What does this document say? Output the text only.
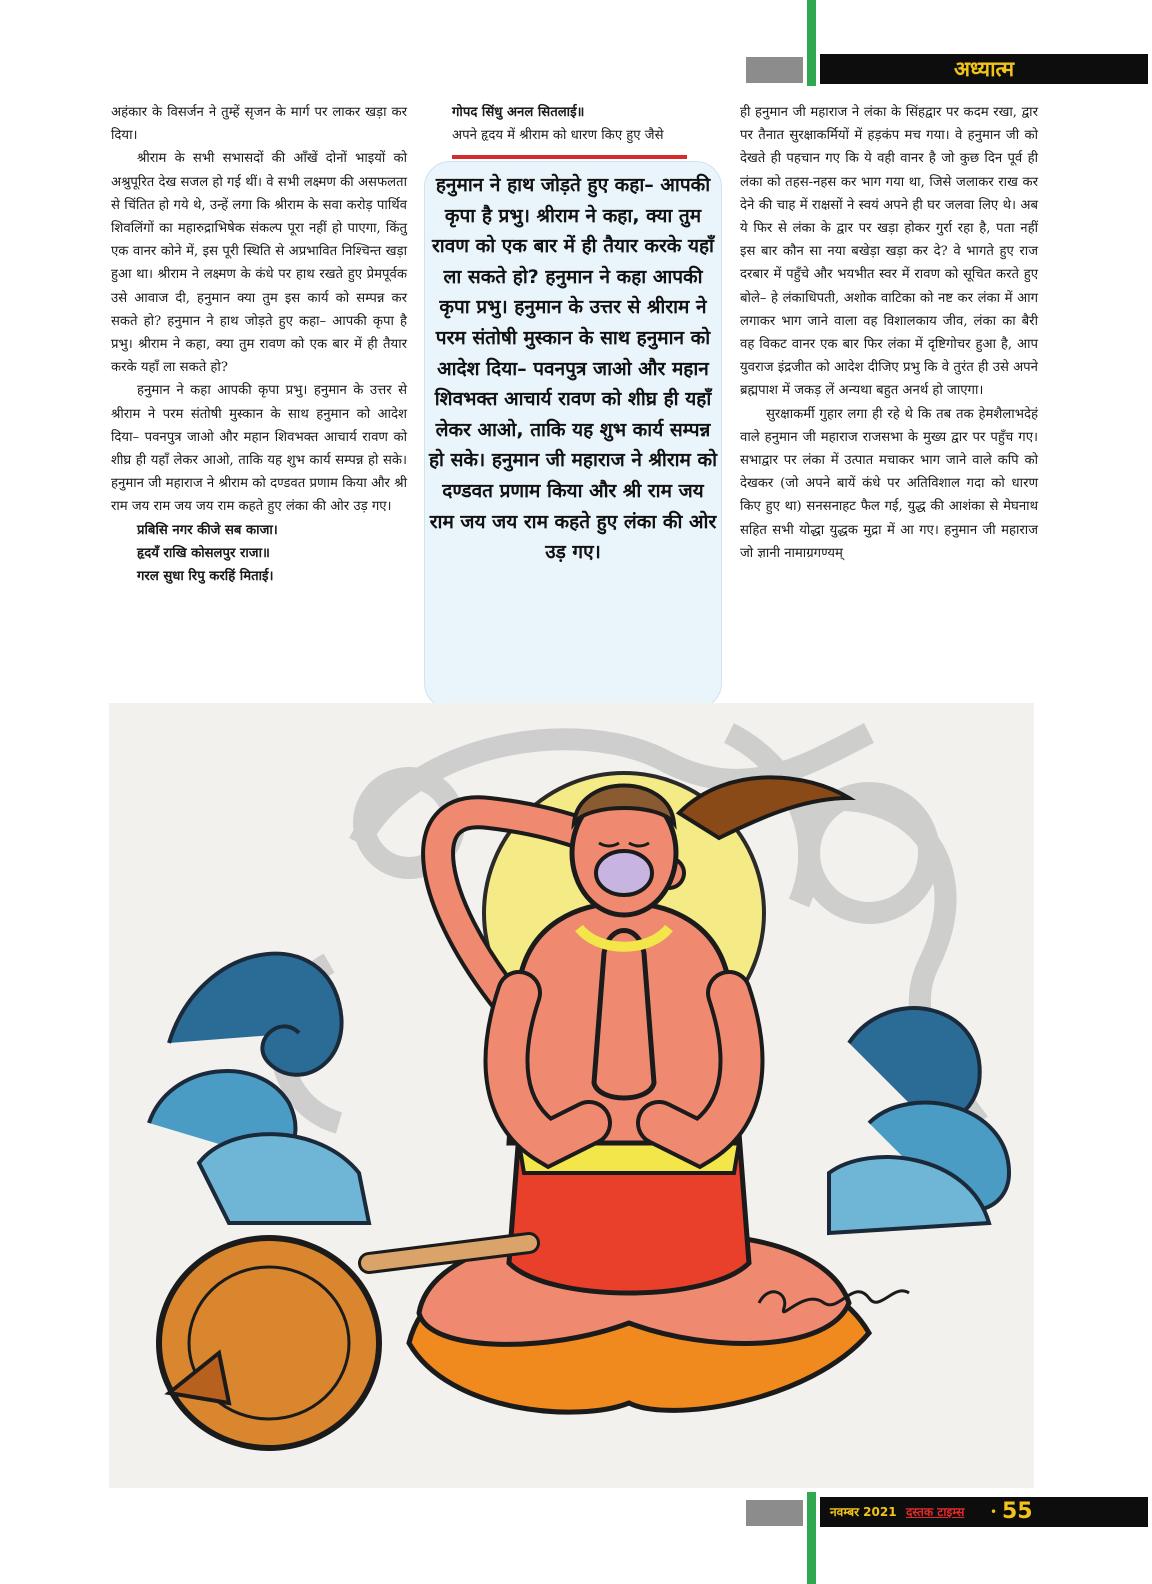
अध्यात्म

अहंकार के विसर्जन ने तुम्हें सृजन के मार्ग पर लाकर खड़ा कर दिया।

श्रीराम के सभी सभासदों की आँखें दोनों भाइयों को अश्रुपूरित देख सजल हो गई थीं। वे सभी लक्ष्मण की असफलता से चिंतित हो गये थे, उन्हें लगा कि श्रीराम के सवा करोड़ पार्थिव शिवलिंगों का महारुद्राभिषेक संकल्प पूरा नहीं हो पाएगा, किंतु एक वानर कोने में, इस पूरी स्थिति से अप्रभावित निश्चिन्त खड़ा हुआ था। श्रीराम ने लक्ष्मण के कंधे पर हाथ रखते हुए प्रेमपूर्वक उसे आवाज दी, हनुमान क्या तुम इस कार्य को सम्पन्न कर सकते हो? हनुमान ने हाथ जोड़ते हुए कहा– आपकी कृपा है प्रभु। श्रीराम ने कहा, क्या तुम रावण को एक बार में ही तैयार करके यहाँ ला सकते हो?

हनुमान ने कहा आपकी कृपा प्रभु। हनुमान के उत्तर से श्रीराम ने परम संतोषी मुस्कान के साथ हनुमान को आदेश दिया– पवनपुत्र जाओ और महान शिवभक्त आचार्य रावण को शीघ्र ही यहाँ लेकर आओ, ताकि यह शुभ कार्य सम्पन्न हो सके। हनुमान जी महाराज ने श्रीराम को दण्डवत प्रणाम किया और श्री राम जय राम जय जय राम कहते हुए लंका की ओर उड़ गए।

प्रबिसि नगर कीजे सब काजा।

हृदयँ राखि कोसलपुर राजा॥

गरल सुधा रिपु करहिं मिताई।

गोपद सिंधु अनल सितलाई॥

अपने हृदय में श्रीराम को धारण किए हुए जैसे

हनुमान ने हाथ जोड़ते हुए कहा– आपकी कृपा है प्रभु। श्रीराम ने कहा, क्या तुम रावण को एक बार में ही तैयार करके यहाँ ला सकते हो? हनुमान ने कहा आपकी कृपा प्रभु। हनुमान के उत्तर से श्रीराम ने परम संतोषी मुस्कान के साथ हनुमान को आदेश दिया– पवनपुत्र जाओ और महान शिवभक्त आचार्य रावण को शीघ्र ही यहाँ लेकर आओ, ताकि यह शुभ कार्य सम्पन्न हो सके। हनुमान जी महाराज ने श्रीराम को दण्डवत प्रणाम किया और श्री राम जय राम जय जय राम कहते हुए लंका की ओर उड़ गए।

ही हनुमान जी महाराज ने लंका के सिंहद्वार पर कदम रखा, द्वार पर तैनात सुरक्षाकर्मियों में हड़कंप मच गया। वे हनुमान जी को देखते ही पहचान गए कि ये वही वानर है जो कुछ दिन पूर्व ही लंका को तहस-नहस कर भाग गया था, जिसे जलाकर राख कर देने की चाह में राक्षसों ने स्वयं अपने ही घर जलवा लिए थे। अब ये फिर से लंका के द्वार पर खड़ा होकर गुर्रा रहा है, पता नहीं इस बार कौन सा नया बखेड़ा खड़ा कर दे? वे भागते हुए राज दरबार में पहुँचे और भयभीत स्वर में रावण को सूचित करते हुए बोले– हे लंकाधिपती, अशोक वाटिका को नष्ट कर लंका में आग लगाकर भाग जाने वाला वह विशालकाय जीव, लंका का बैरी वह विकट वानर एक बार फिर लंका में दृष्टिगोचर हुआ है, आप युवराज इंद्रजीत को आदेश दीजिए प्रभु कि वे तुरंत ही उसे अपने ब्रह्मपाश में जकड़ लें अन्यथा बहुत अनर्थ हो जाएगा।

सुरक्षाकर्मी गुहार लगा ही रहे थे कि तब तक हेमशैलाभदेहं वाले हनुमान जी महाराज राजसभा के मुख्य द्वार पर पहुँच गए। सभाद्वार पर लंका में उत्पात मचाकर भाग जाने वाले कपि को देखकर (जो अपने बायें कंधे पर अतिविशाल गदा को धारण किए हुए था) सनसनाहट फैल गई, युद्ध की आशंका से मेघनाथ सहित सभी योद्धा युद्धक मुद्रा में आ गए। हनुमान जी महाराज जो ज्ञानी नामाग्रगण्यम्

नवम्बर 2021 दस्तक टाइम्स • 55
